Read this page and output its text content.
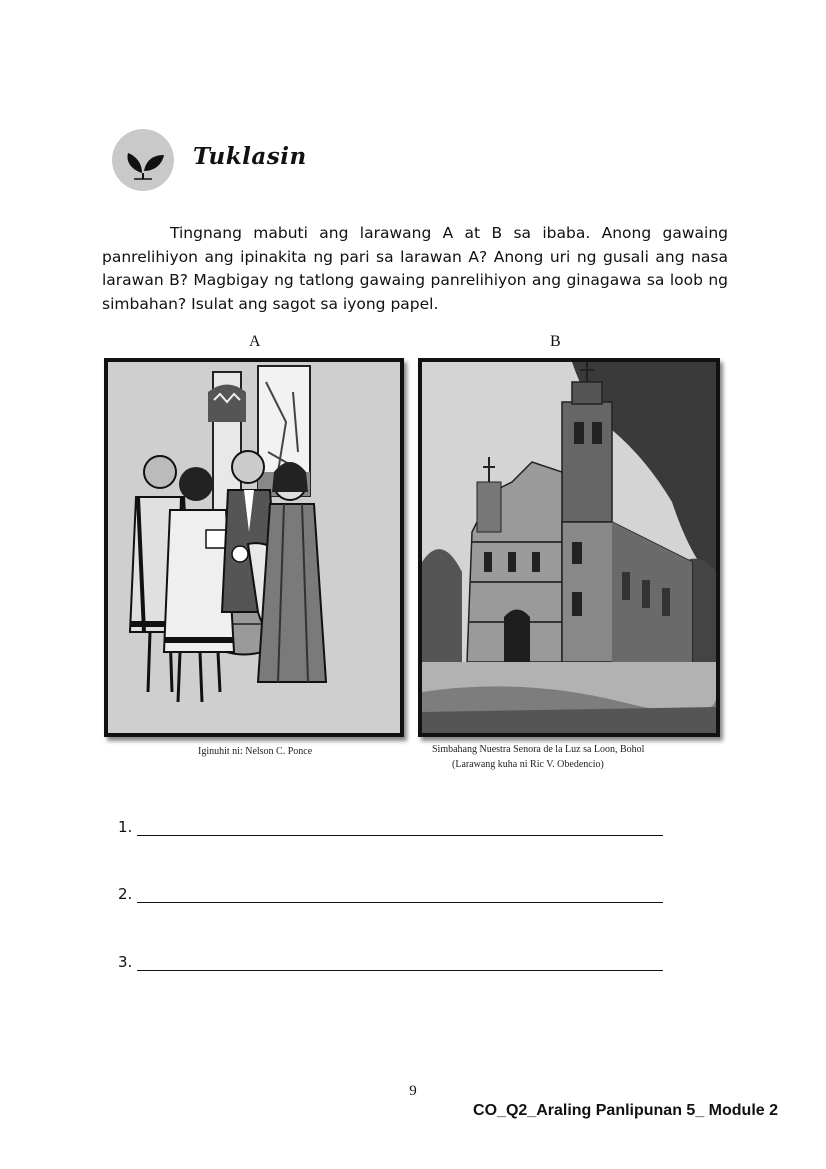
Tuklasin

Tingnang mabuti ang larawang A at B sa ibaba. Anong gawaing panrelihiyon ang ipinakita ng pari sa larawan A? Anong uri ng gusali ang nasa larawan B? Magbigay ng tatlong gawaing panrelihiyon ang ginagawa sa loob ng simbahan? Isulat ang sagot sa iyong papel.

A	B
Iginuhit ni: Nelson C. Ponce	Simbahang Nuestra Senora de la Luz sa Loon, Bohol
(Larawang kuha ni Ric V. Obedencio)
1.
2.
3.
9
CO_Q2_Araling Panlipunan 5_ Module 2
